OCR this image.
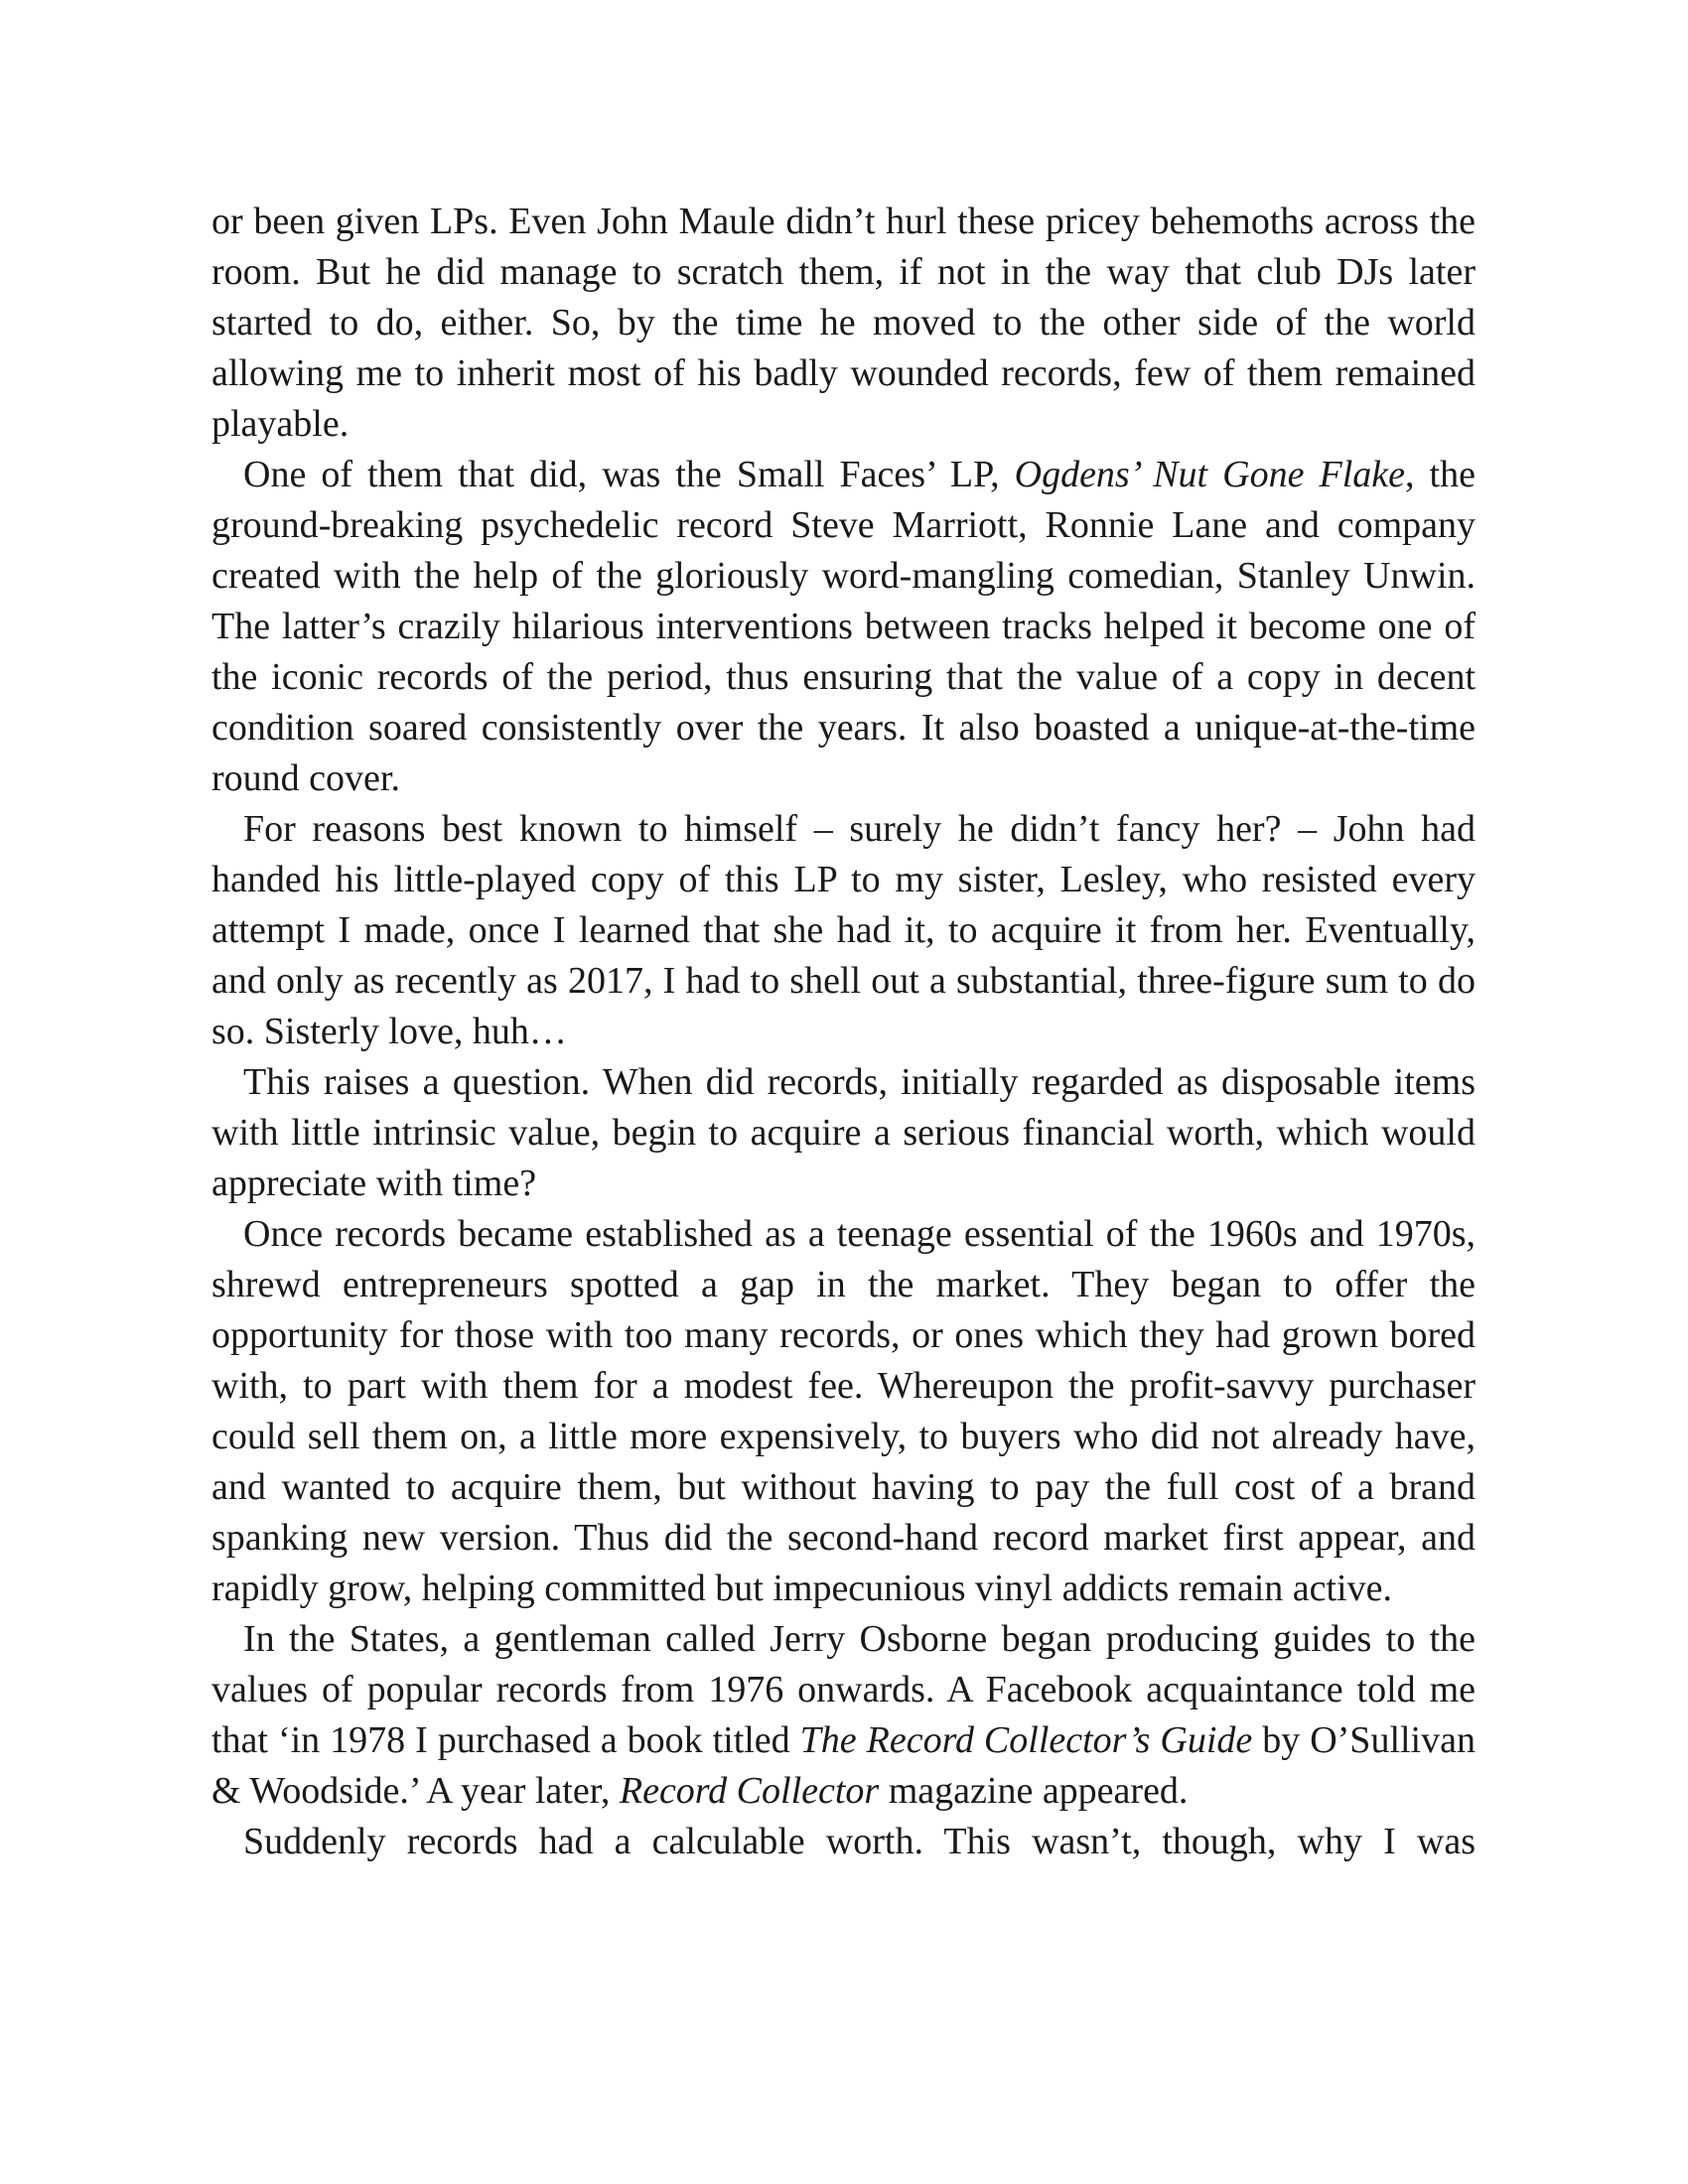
or been given LPs. Even John Maule didn’t hurl these pricey behemoths across the room. But he did manage to scratch them, if not in the way that club DJs later started to do, either. So, by the time he moved to the other side of the world allowing me to inherit most of his badly wounded records, few of them remained playable.

One of them that did, was the Small Faces’ LP, Ogdens’ Nut Gone Flake, the ground-breaking psychedelic record Steve Marriott, Ronnie Lane and company created with the help of the gloriously word-mangling comedian, Stanley Unwin. The latter’s crazily hilarious interventions between tracks helped it become one of the iconic records of the period, thus ensuring that the value of a copy in decent condition soared consistently over the years. It also boasted a unique-at-the-time round cover.

For reasons best known to himself – surely he didn’t fancy her? – John had handed his little-played copy of this LP to my sister, Lesley, who resisted every attempt I made, once I learned that she had it, to acquire it from her. Eventually, and only as recently as 2017, I had to shell out a substantial, three-figure sum to do so. Sisterly love, huh…

This raises a question. When did records, initially regarded as disposable items with little intrinsic value, begin to acquire a serious financial worth, which would appreciate with time?

Once records became established as a teenage essential of the 1960s and 1970s, shrewd entrepreneurs spotted a gap in the market. They began to offer the opportunity for those with too many records, or ones which they had grown bored with, to part with them for a modest fee. Whereupon the profit-savvy purchaser could sell them on, a little more expensively, to buyers who did not already have, and wanted to acquire them, but without having to pay the full cost of a brand spanking new version. Thus did the second-hand record market first appear, and rapidly grow, helping committed but impecunious vinyl addicts remain active.

In the States, a gentleman called Jerry Osborne began producing guides to the values of popular records from 1976 onwards. A Facebook acquaintance told me that ‘in 1978 I purchased a book titled The Record Collector’s Guide by O’Sullivan & Woodside.’ A year later, Record Collector magazine appeared.

Suddenly records had a calculable worth. This wasn’t, though, why I was
